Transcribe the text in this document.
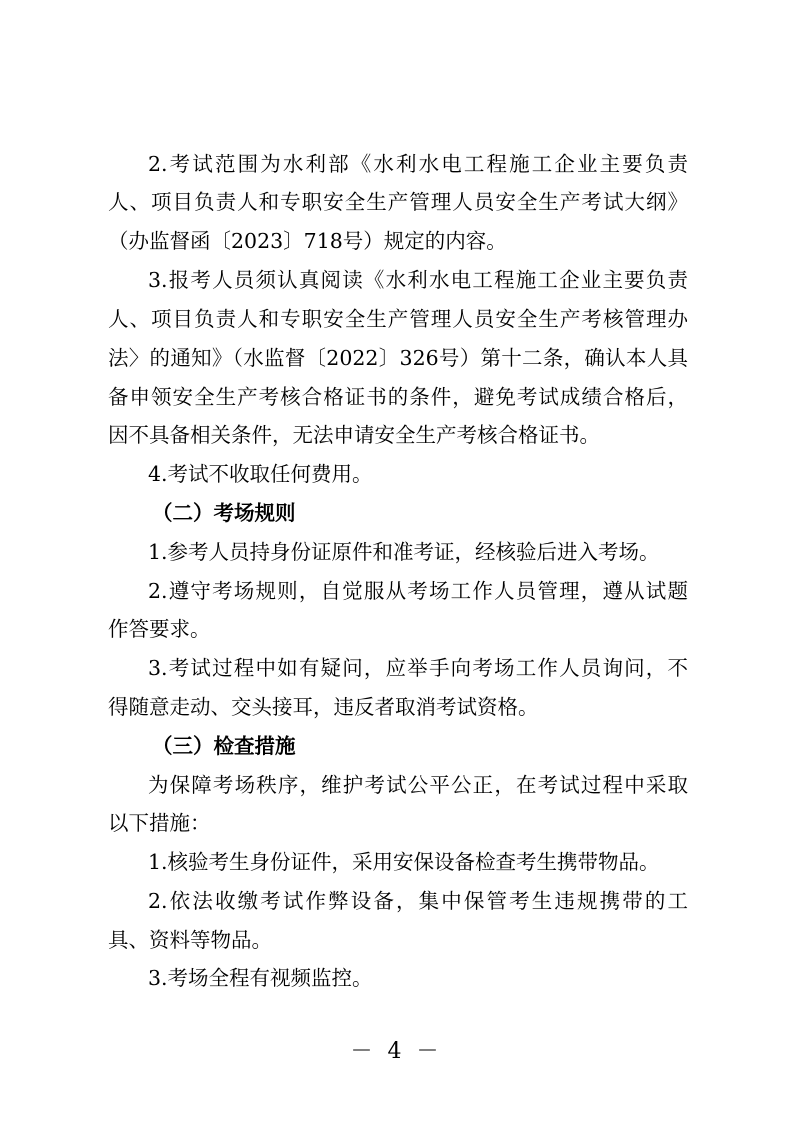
2.考试范围为水利部《水利水电工程施工企业主要负责
人、项目负责人和专职安全生产管理人员安全生产考试大纲》
（办监督函〔2023〕718号）规定的内容。
3.报考人员须认真阅读《水利水电工程施工企业主要负责
人、项目负责人和专职安全生产管理人员安全生产考核管理办
法〉的通知》（水监督〔2022〕326号）第十二条，确认本人具
备申领安全生产考核合格证书的条件，避免考试成绩合格后，
因不具备相关条件，无法申请安全生产考核合格证书。
4.考试不收取任何费用。
（二）考场规则
1.参考人员持身份证原件和准考证，经核验后进入考场。
2.遵守考场规则，自觉服从考场工作人员管理，遵从试题
作答要求。
3.考试过程中如有疑问，应举手向考场工作人员询问，不
得随意走动、交头接耳，违反者取消考试资格。
（三）检查措施
为保障考场秩序，维护考试公平公正，在考试过程中采取
以下措施：
1.核验考生身份证件，采用安保设备检查考生携带物品。
2.依法收缴考试作弊设备，集中保管考生违规携带的工
具、资料等物品。
3.考场全程有视频监控。
－ 4 －
